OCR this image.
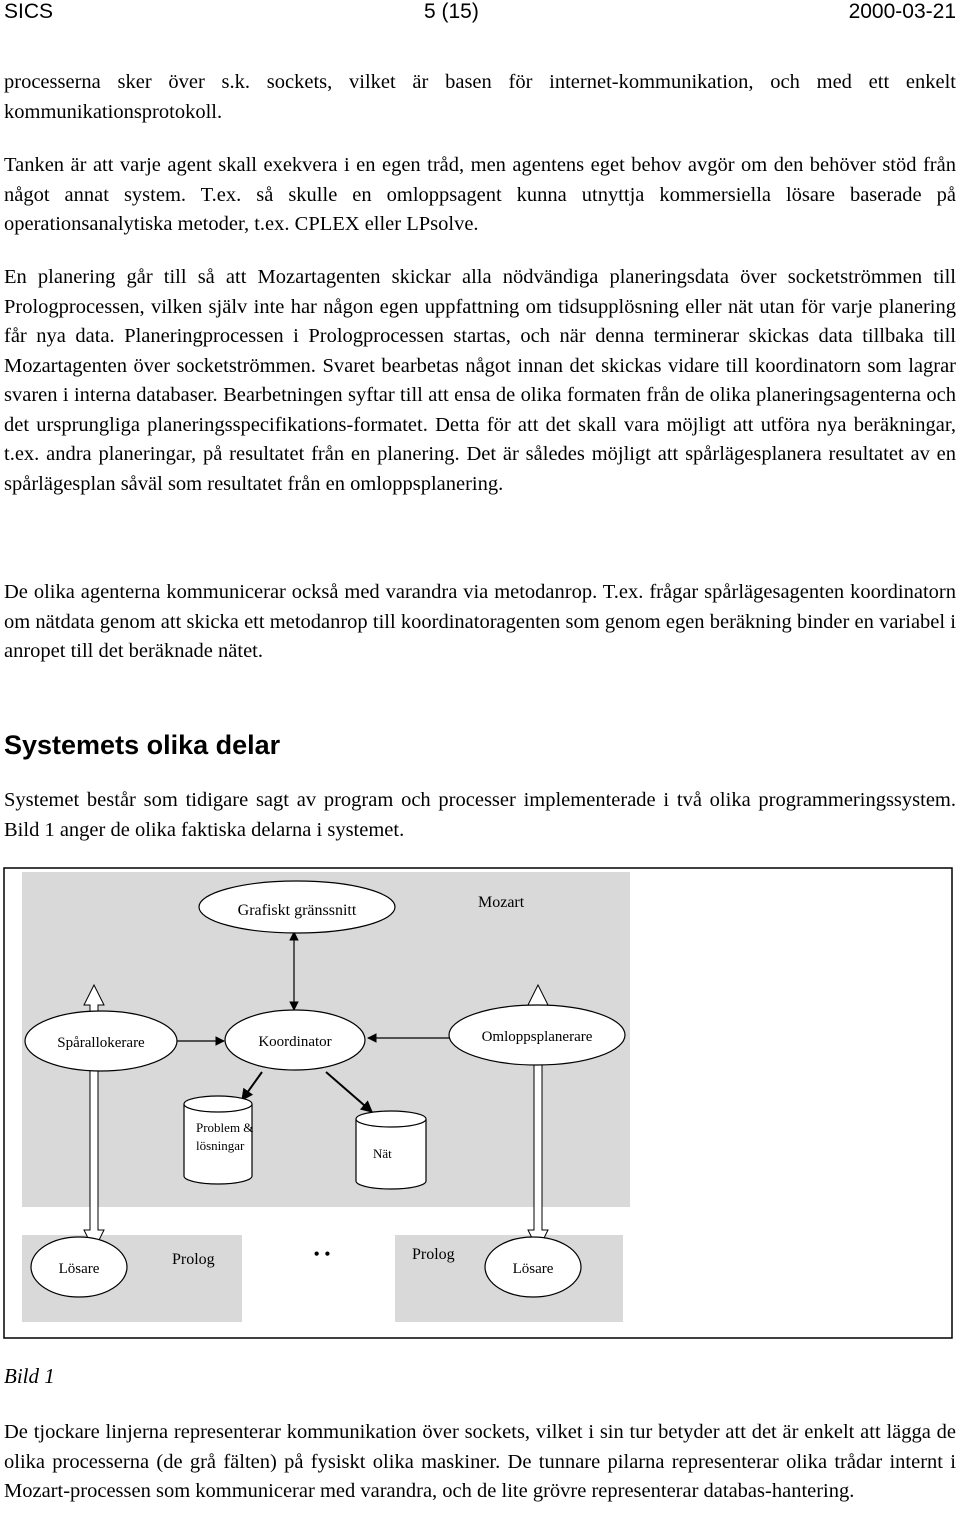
SICS	5 (15)	2000-03-21

processerna sker över s.k. sockets, vilket är basen för internet-kommunikation, och med ett enkelt kommunikationsprotokoll.

Tanken är att varje agent skall exekvera i en egen tråd, men agentens eget behov avgör om den behöver stöd från något annat system. T.ex. så skulle en omloppsagent kunna utnyttja kommersiella lösare baserade på operationsanalytiska metoder, t.ex. CPLEX eller LPsolve.

En planering går till så att Mozartagenten skickar alla nödvändiga planeringsdata över socketströmmen till Prologprocessen, vilken själv inte har någon egen uppfattning om tidsupplösning eller nät utan för varje planering får nya data. Planeringprocessen i Prologprocessen startas, och när denna terminerar skickas data tillbaka till Mozartagenten över socketströmmen. Svaret bearbetas något innan det skickas vidare till koordinatorn som lagrar svaren i interna databaser. Bearbetningen syftar till att ensa de olika formaten från de olika planeringsagenterna och det ursprungliga planeringsspecifikations-formatet. Detta för att det skall vara möjligt att utföra nya beräkningar, t.ex. andra planeringar, på resultatet från en planering. Det är således möjligt att spårlägesplanera resultatet av en spårlägesplan såväl som resultatet från en omloppsplanering.

De olika agenterna kommunicerar också med varandra via metodanrop. T.ex. frågar spårlägesagenten koordinatorn om nätdata genom att skicka ett metodanrop till koordinatoragenten som genom egen beräkning binder en variabel i anropet till det beräknade nätet.

Systemets olika delar

Systemet består som tidigare sagt av program och processer implementerade i två olika programmeringssystem. Bild 1 anger de olika faktiska delarna i systemet.

Grafiskt gränssnitt	Mozart
Spårallokerare	Koordinator	Omloppsplanerare
Problem &
lösningar
Nät
Lösare
Prolog	• •	Prolog
Lösare

Bild 1

De tjockare linjerna representerar kommunikation över sockets, vilket i sin tur betyder att det är enkelt att lägga de olika processerna (de grå fälten) på fysiskt olika maskiner. De tunnare pilarna representerar olika trådar internt i Mozart-processen som kommunicerar med varandra, och de lite grövre representerar databas-hantering.
